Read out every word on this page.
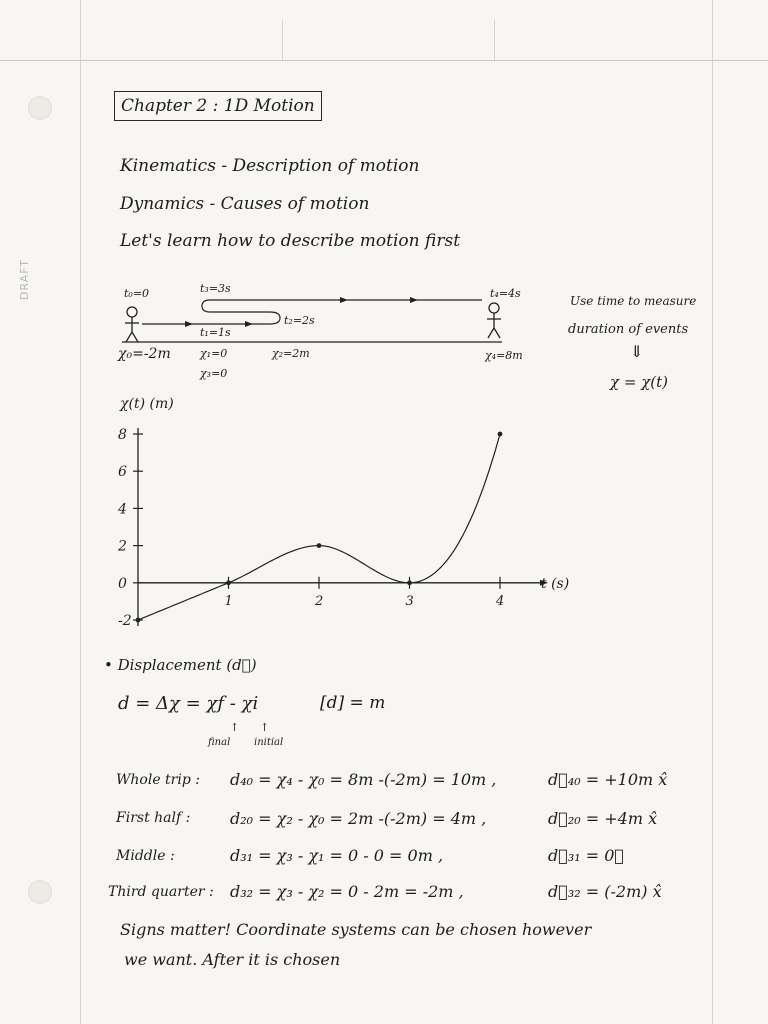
DRAFT
Chapter 2 : 1D Motion
Kinematics - Description of motion
Dynamics - Causes of motion
Let's learn how to describe motion first
t₀=0	t₃=3s	t₄=4s
t₁=1s
t₂=2s
χ₀=-2m	χ₁=0
χ₃=0
χ₂=2m	χ₄=8m
Use time to measure
duration of events
⇓
χ = χ(t)
8
6
4
2
0
-2
1	2	3	4
χ(t) (m)
t (s)
• Displacement (d⃗)
d = Δχ = χf - χi	[d] = m
↑ ↑
final initial
Whole trip : d₄₀ = χ₄ - χ₀ = 8m -(-2m) = 10m ,	d⃗₄₀ = +10m x̂
First half : d₂₀ = χ₂ - χ₀ = 2m -(-2m) = 4m ,	d⃗₂₀ = +4m x̂
Middle :	d₃₁ = χ₃ - χ₁ = 0 - 0 = 0m ,	d⃗₃₁ = 0⃗
Third quarter : d₃₂ = χ₃ - χ₂ = 0 - 2m = -2m ,	d⃗₃₂ = (-2m) x̂
Signs matter! Coordinate systems can be chosen however
we want. After it is chosen
